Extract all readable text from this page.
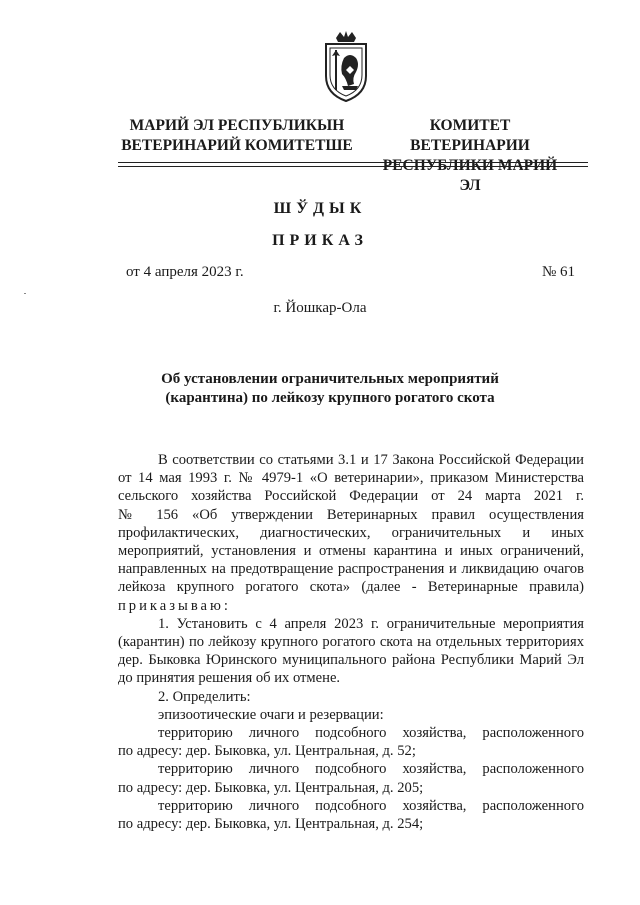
МАРИЙ ЭЛ РЕСПУБЛИКЫН
ВЕТЕРИНАРИЙ КОМИТЕТШЕ
КОМИТЕТ ВЕТЕРИНАРИИ
РЕСПУБЛИКИ МАРИЙ ЭЛ
ШЎДЫК
ПРИКАЗ
от 4 апреля 2023 г.	№ 61
г. Йошкар-Ола
Об установлении ограничительных мероприятий
(карантина) по лейкозу крупного рогатого скота

В соответствии со статьями 3.1 и 17 Закона Российской Федерации

от 14 мая 1993 г. № 4979-1 «О ветеринарии», приказом Министерства

сельского хозяйства Российской Федерации от 24 марта 2021 г.

№ 156 «Об утверждении Ветеринарных правил осуществления

профилактических, диагностических, ограничительных и иных

мероприятий, установления и отмены карантина и иных ограничений,

направленных на предотвращение распространения и ликвидацию очагов

лейкоза крупного рогатого скота» (далее - Ветеринарные правила)

приказываю:

1. Установить с 4 апреля 2023 г. ограничительные мероприятия

(карантин) по лейкозу крупного рогатого скота на отдельных территориях

дер. Быковка Юринского муниципального района Республики Марий Эл

до принятия решения об их отмене.

2. Определить:

эпизоотические очаги и резервации:

территорию личного подсобного хозяйства, расположенного

по адресу: дер. Быковка, ул. Центральная, д. 52;

территорию личного подсобного хозяйства, расположенного

по адресу: дер. Быковка, ул. Центральная, д. 205;

территорию личного подсобного хозяйства, расположенного

по адресу: дер. Быковка, ул. Центральная, д. 254;
